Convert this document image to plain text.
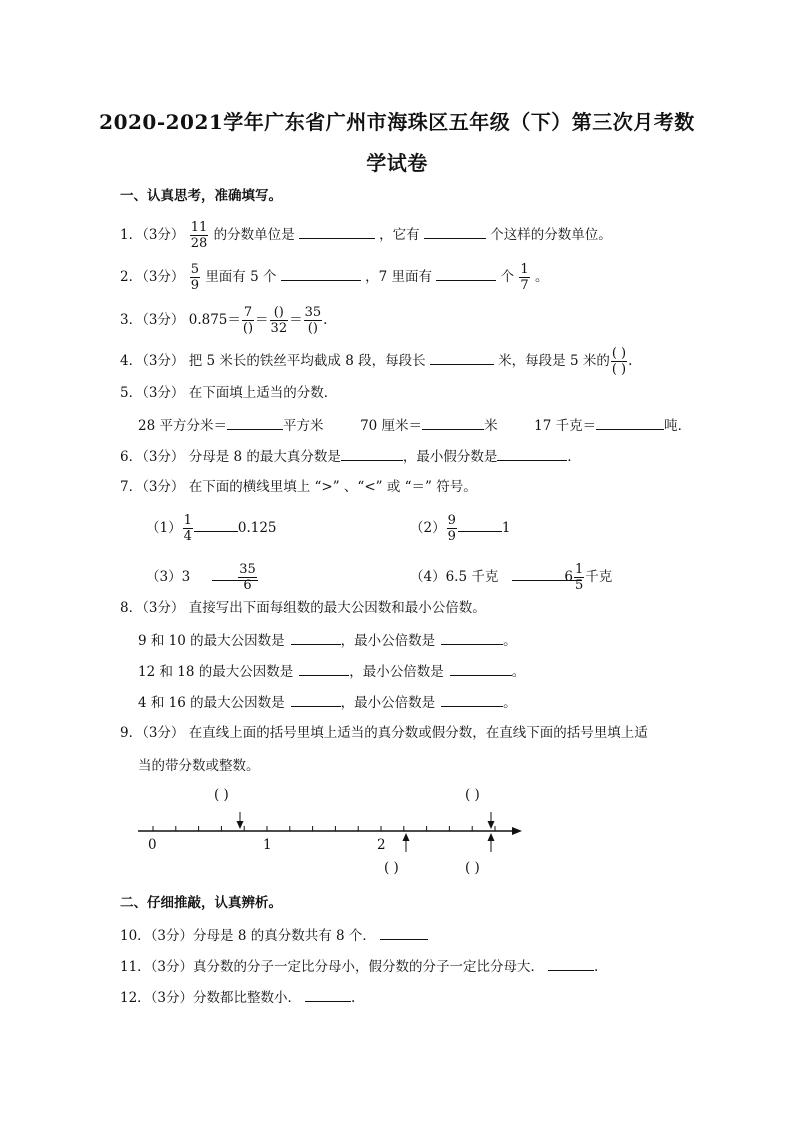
2020-2021学年广东省广州市海珠区五年级（下）第三次月考数
学试卷
一、认真思考，准确填写。
1．（3分） $\frac{11}{28}$ 的分数单位是	，它有	个这样的分数单位。
2．（3分） $\frac{5}{9}$ 里面有 5 个	，7 里面有	个 $\frac{1}{7}$ 。
3．（3分） $0.875= \frac{7}{()} = \frac{()}{32} = \frac{35}{()}$ .
4．（3分） 把 5 米长的铁丝平均截成 8 段，每段长	米，每段是 5 米的 $\frac{( )}{( )}$ .
5．（3分） 在下面填上适当的分数．
28 平方分米＝	平方米	70 厘米＝	米	17 千克＝	吨．
6．（3分） 分母是 8 的最大真分数是	，最小假分数是	．
7．（3分） 在下面的横线里填上 “>” 、“<” 或 “＝” 符号。
$(1) \frac{1}{4}$	0.125	$(2) \frac{9}{9}$	1
（3）3	$\frac{35}{6}$	（4）6.5 千克	$6 \frac{1}{5}$ 千克
8．（3分） 直接写出下面每组数的最大公因数和最小公倍数。
9 和 10 的最大公因数是	，最小公倍数是	。
12 和 18 的最大公因数是	，最小公倍数是	。
4 和 16 的最大公因数是	，最小公倍数是	。
9．（3分） 在直线上面的括号里填上适当的真分数或假分数，在直线下面的括号里填上适
当的带分数或整数。
( )	( )
( )	( )
0	1	2
二、仔细推敲，认真辨析。
10．（3分）分母是 8 的真分数共有 8 个．
11．（3分）真分数的分子一定比分母小，假分数的分子一定比分母大．	.
12．（3分）分数都比整数小．	.
